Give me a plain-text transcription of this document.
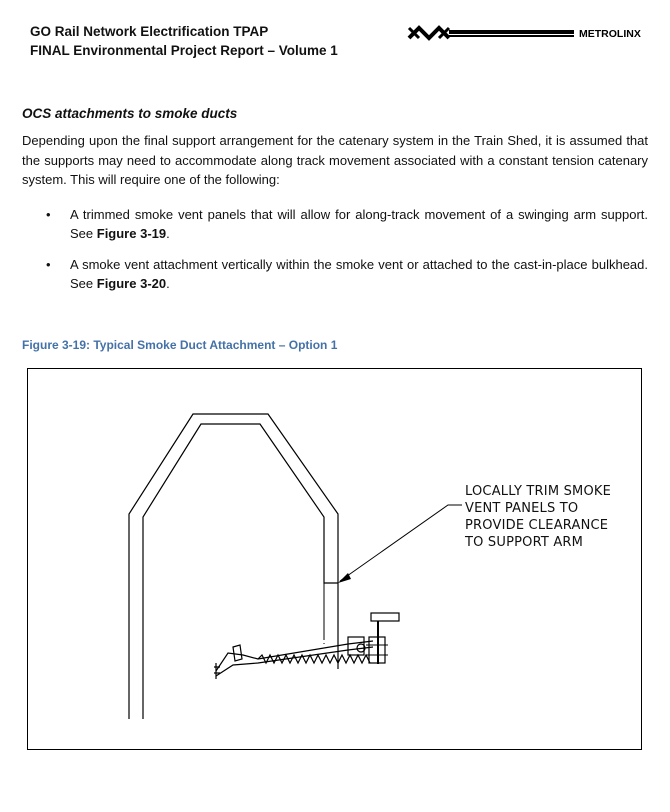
GO Rail Network Electrification TPAP
FINAL Environmental Project Report – Volume 1
METROLINX
OCS attachments to smoke ducts
Depending upon the final support arrangement for the catenary system in the Train Shed, it is assumed that the supports may need to accommodate along track movement associated with a constant tension catenary system. This will require one of the following:
• A trimmed smoke vent panels that will allow for along-track movement of a swinging arm support. See Figure 3-19.
• A smoke vent attachment vertically within the smoke vent or attached to the cast-in-place bulkhead. See Figure 3-20.
Figure 3-19: Typical Smoke Duct Attachment – Option 1
LOCALLY TRIM SMOKE
VENT PANELS TO
PROVIDE CLEARANCE
TO SUPPORT ARM
